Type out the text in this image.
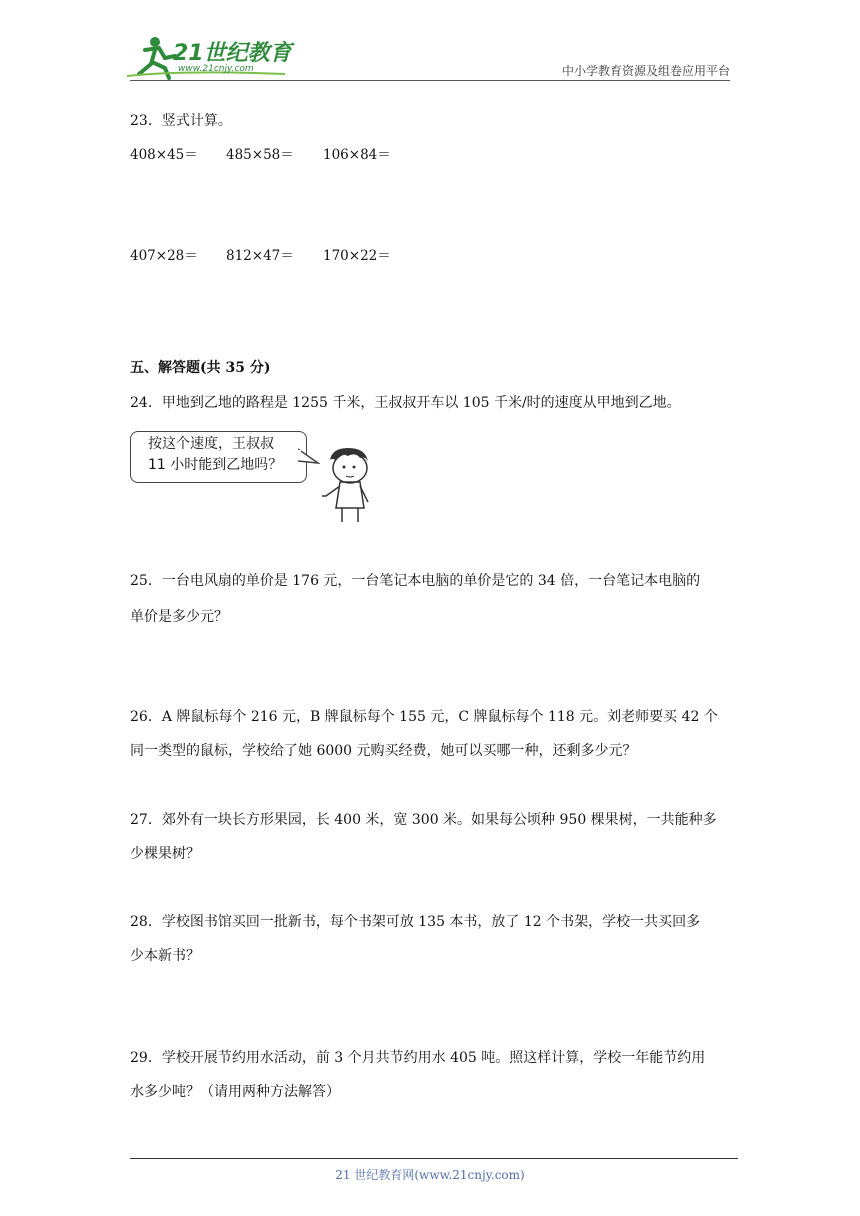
21世纪教育
www.21cnjy.com	中小学教育资源及组卷应用平台
23．竖式计算。
408×45＝	485×58＝	106×84＝
407×28＝	812×47＝	170×22＝
五、解答题(共 35 分)
24．甲地到乙地的路程是 1255 千米，王叔叔开车以 105 千米/时的速度从甲地到乙地。
按这个速度，王叔叔
11 小时能到乙地吗？
25．一台电风扇的单价是 176 元，一台笔记本电脑的单价是它的 34 倍，一台笔记本电脑的
单价是多少元？
26．A 牌鼠标每个 216 元，B 牌鼠标每个 155 元，C 牌鼠标每个 118 元。刘老师要买 42 个
同一类型的鼠标，学校给了她 6000 元购买经费，她可以买哪一种，还剩多少元？
27．郊外有一块长方形果园，长 400 米，宽 300 米。如果每公顷种 950 棵果树，一共能种多
少棵果树？
28．学校图书馆买回一批新书，每个书架可放 135 本书，放了 12 个书架，学校一共买回多
少本新书？
29．学校开展节约用水活动，前 3 个月共节约用水 405 吨。照这样计算，学校一年能节约用
水多少吨？（请用两种方法解答）
21 世纪教育网(www.21cnjy.com)
